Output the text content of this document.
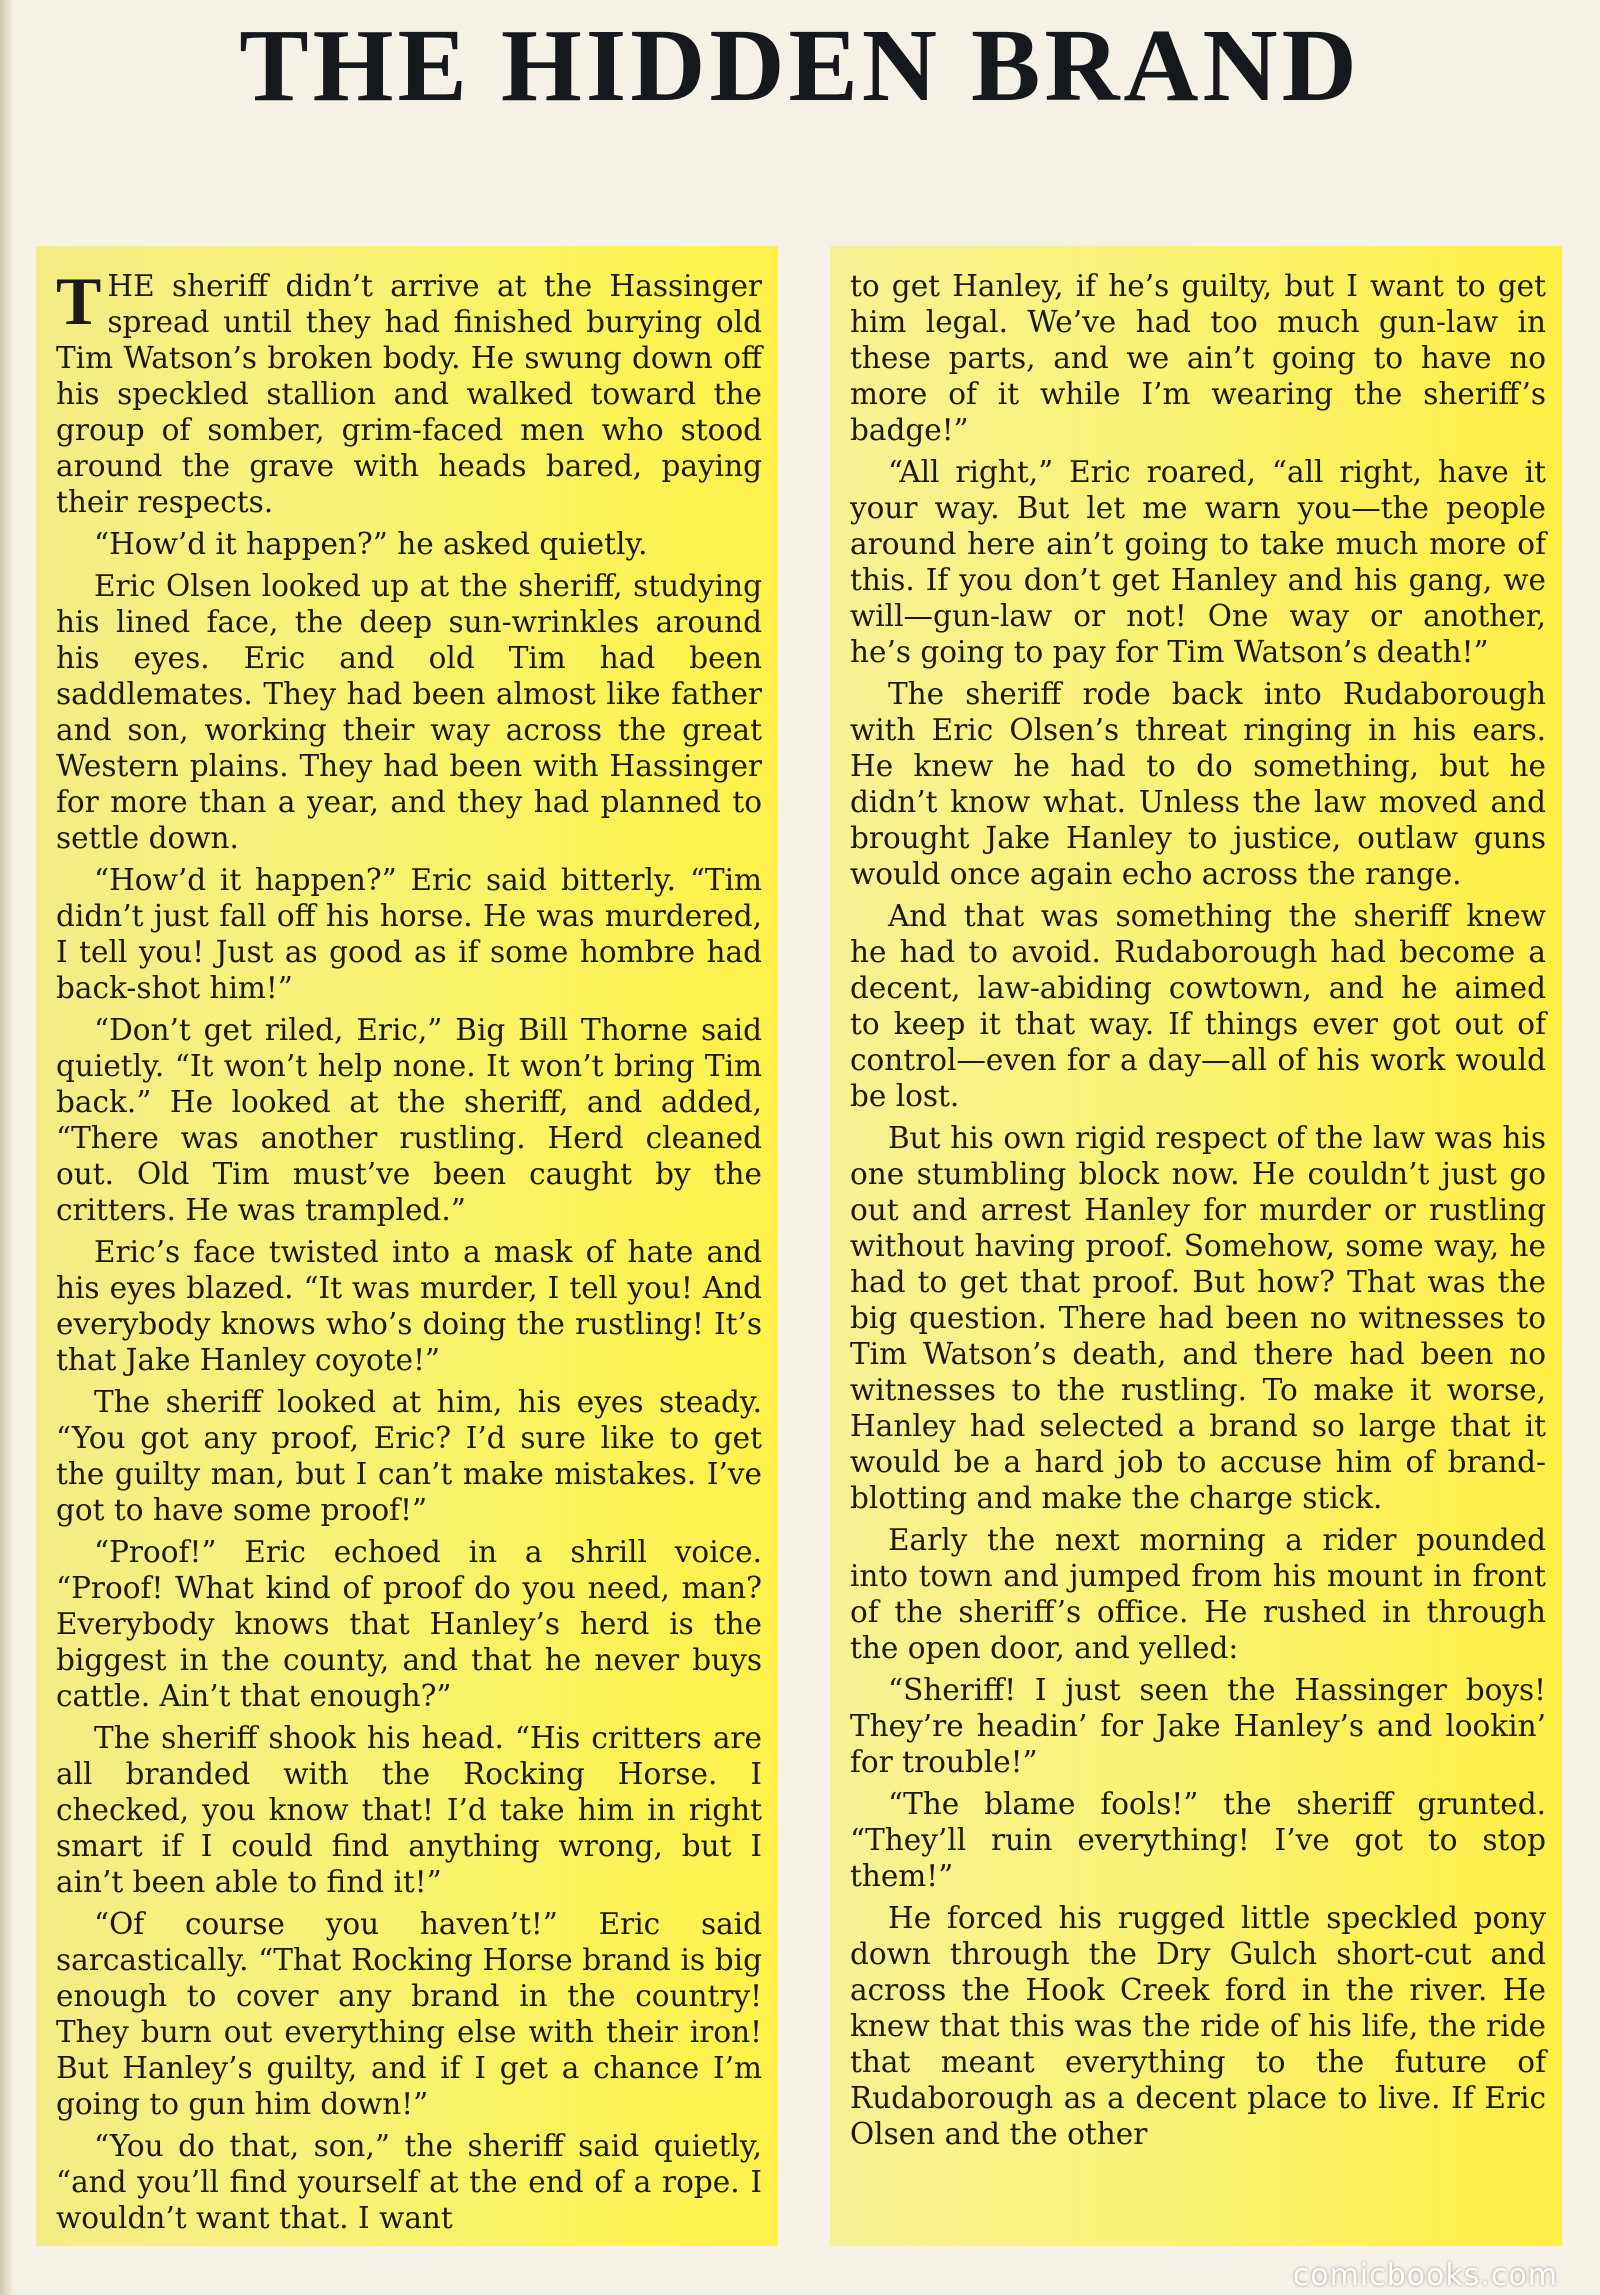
THE HIDDEN BRAND

THE sheriff didn’t arrive at the Hassinger spread until they had finished burying old Tim Watson’s broken body. He swung down off his speckled stallion and walked toward the group of somber, grim-faced men who stood around the grave with heads bared, paying their respects.

“How’d it happen?” he asked quietly.

Eric Olsen looked up at the sheriff, studying his lined face, the deep sun-wrinkles around his eyes. Eric and old Tim had been saddlemates. They had been almost like father and son, working their way across the great Western plains. They had been with Hassinger for more than a year, and they had planned to settle down.

“How’d it happen?” Eric said bitterly. “Tim didn’t just fall off his horse. He was murdered, I tell you! Just as good as if some hombre had back-shot him!”

“Don’t get riled, Eric,” Big Bill Thorne said quietly. “It won’t help none. It won’t bring Tim back.” He looked at the sheriff, and added, “There was another rustling. Herd cleaned out. Old Tim must’ve been caught by the critters. He was trampled.”

Eric’s face twisted into a mask of hate and his eyes blazed. “It was murder, I tell you! And everybody knows who’s doing the rustling! It’s that Jake Hanley coyote!”

The sheriff looked at him, his eyes steady. “You got any proof, Eric? I’d sure like to get the guilty man, but I can’t make mistakes. I’ve got to have some proof!”

“Proof!” Eric echoed in a shrill voice. “Proof! What kind of proof do you need, man? Everybody knows that Hanley’s herd is the biggest in the county, and that he never buys cattle. Ain’t that enough?”

The sheriff shook his head. “His critters are all branded with the Rocking Horse. I checked, you know that! I’d take him in right smart if I could find anything wrong, but I ain’t been able to find it!”

“Of course you haven’t!” Eric said sarcastically. “That Rocking Horse brand is big enough to cover any brand in the country! They burn out everything else with their iron! But Hanley’s guilty, and if I get a chance I’m going to gun him down!”

“You do that, son,” the sheriff said quietly, “and you’ll find yourself at the end of a rope. I wouldn’t want that. I want

to get Hanley, if he’s guilty, but I want to get him legal. We’ve had too much gun-law in these parts, and we ain’t going to have no more of it while I’m wearing the sheriff’s badge!”

“All right,” Eric roared, “all right, have it your way. But let me warn you—the people around here ain’t going to take much more of this. If you don’t get Hanley and his gang, we will—gun-law or not! One way or another, he’s going to pay for Tim Watson’s death!”

The sheriff rode back into Rudaborough with Eric Olsen’s threat ringing in his ears. He knew he had to do something, but he didn’t know what. Unless the law moved and brought Jake Hanley to justice, outlaw guns would once again echo across the range.

And that was something the sheriff knew he had to avoid. Rudaborough had become a decent, law-abiding cowtown, and he aimed to keep it that way. If things ever got out of control—even for a day—all of his work would be lost.

But his own rigid respect of the law was his one stumbling block now. He couldn’t just go out and arrest Hanley for murder or rustling without having proof. Somehow, some way, he had to get that proof. But how? That was the big question. There had been no witnesses to Tim Watson’s death, and there had been no witnesses to the rustling. To make it worse, Hanley had selected a brand so large that it would be a hard job to accuse him of brand-blotting and make the charge stick.

Early the next morning a rider pounded into town and jumped from his mount in front of the sheriff’s office. He rushed in through the open door, and yelled:

“Sheriff! I just seen the Hassinger boys! They’re headin’ for Jake Hanley’s and lookin’ for trouble!”

“The blame fools!” the sheriff grunted. “They’ll ruin everything! I’ve got to stop them!”

He forced his rugged little speckled pony down through the Dry Gulch short-cut and across the Hook Creek ford in the river. He knew that this was the ride of his life, the ride that meant everything to the future of Rudaborough as a decent place to live. If Eric Olsen and the other

comicbooks.com
